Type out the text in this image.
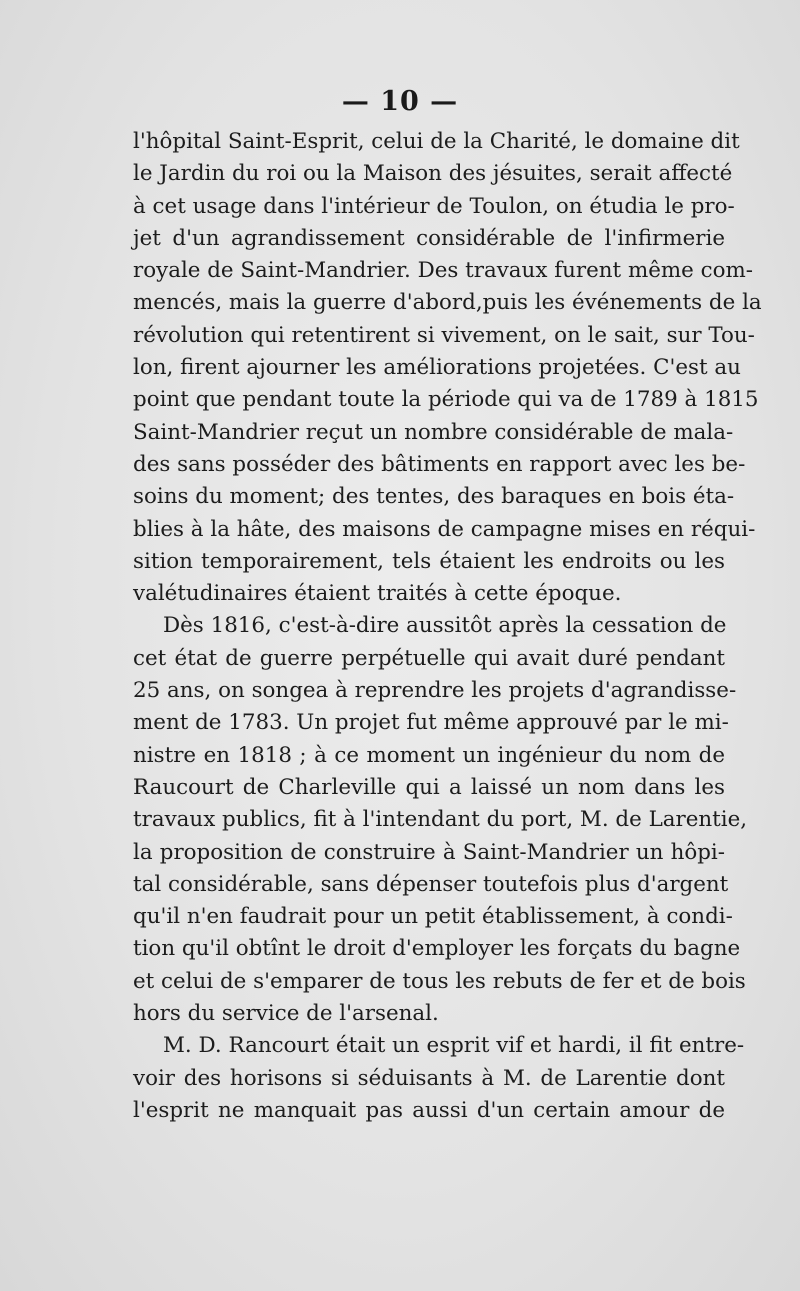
— 10 —
l'hôpital Saint-Esprit, celui de la Charité, le domaine dit
le Jardin du roi ou la Maison des jésuites, serait affecté
à cet usage dans l'intérieur de Toulon, on étudia le pro-
jet d'un agrandissement considérable de l'infirmerie
royale de Saint-Mandrier. Des travaux furent même com-
mencés, mais la guerre d'abord,puis les événements de la
révolution qui retentirent si vivement, on le sait, sur Tou-
lon, firent ajourner les améliorations projetées. C'est au
point que pendant toute la période qui va de 1789 à 1815
Saint-Mandrier reçut un nombre considérable de mala-
des sans posséder des bâtiments en rapport avec les be-
soins du moment; des tentes, des baraques en bois éta-
blies à la hâte, des maisons de campagne mises en réqui-
sition temporairement, tels étaient les endroits ou les
valétudinaires étaient traités à cette époque.
Dès 1816, c'est-à-dire aussitôt après la cessation de
cet état de guerre perpétuelle qui avait duré pendant
25 ans, on songea à reprendre les projets d'agrandisse-
ment de 1783. Un projet fut même approuvé par le mi-
nistre en 1818 ; à ce moment un ingénieur du nom de
Raucourt de Charleville qui a laissé un nom dans les
travaux publics, fit à l'intendant du port, M. de Larentie,
la proposition de construire à Saint-Mandrier un hôpi-
tal considérable, sans dépenser toutefois plus d'argent
qu'il n'en faudrait pour un petit établissement, à condi-
tion qu'il obtînt le droit d'employer les forçats du bagne
et celui de s'emparer de tous les rebuts de fer et de bois
hors du service de l'arsenal.
M. D. Rancourt était un esprit vif et hardi, il fit entre-
voir des horisons si séduisants à M. de Larentie dont
l'esprit ne manquait pas aussi d'un certain amour de
